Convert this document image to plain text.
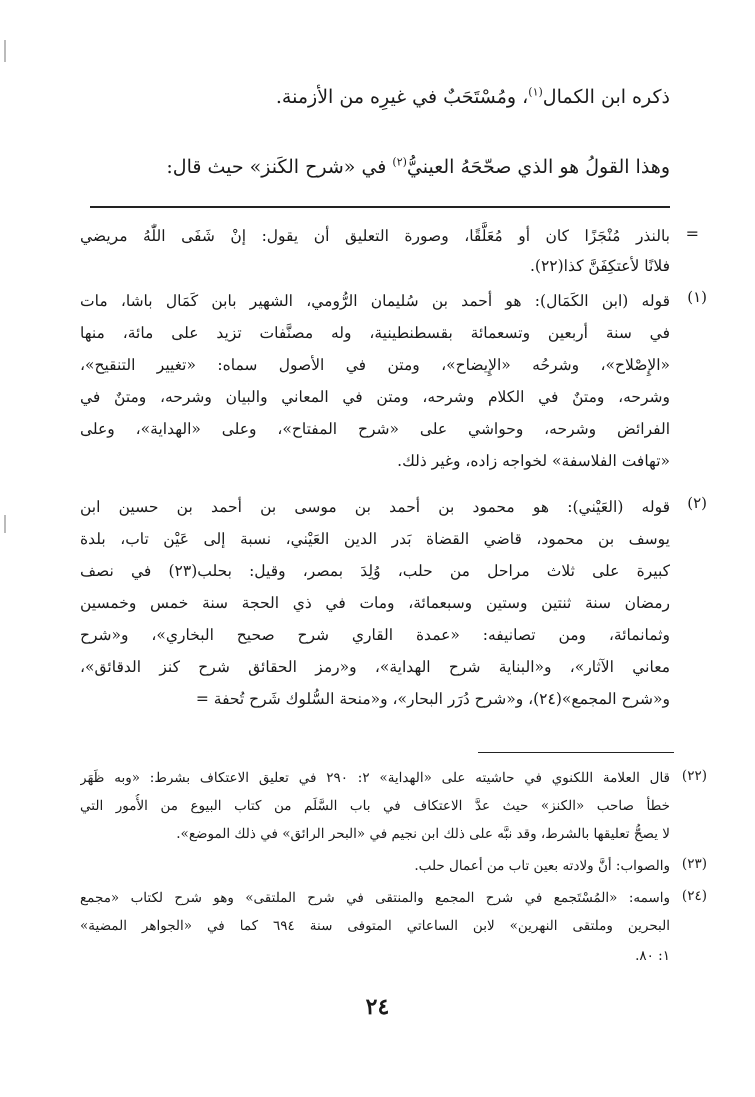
ذكره ابن الكمال$^{(١)}$، ومُسْتَحَبٌ في غيرِه من الأزمنة.
وهذا القولُ هو الذي صحّحَهُ العينيُّ$^{(٢)}$ في «شرح الكَنز» حيث قال:
=
بالنذر مُنْجَزًا كان أو مُعَلَّقًا، وصورة التعليق أن يقول: إنْ شَفَى اللّٰهُ مريضي
فلانًا لأعتكِفَنَّ كذا(٢٢).
(١)
قوله (ابن الكَمَال): هو أحمد بن سُليمان الرُّومي، الشهير بابن كَمَال باشا، مات
في سنة أربعين وتسعمائة بقسطنطينية، وله مصنَّفات تزيد على مائة، منها
«الإِصْلاح»، وشرحُه «الإِيضاح»، ومتن في الأصول سماه: «تغيير التنقيح»،
وشرحه، ومتنٌ في الكلام وشرحه، ومتن في المعاني والبيان وشرحه، ومتنٌ في
الفرائض وشرحه، وحواشي على «شرح المفتاح»، وعلى «الهداية»، وعلى
«تهافت الفلاسفة» لخواجه زاده، وغير ذلك.
(٢)
قوله (العَيْني): هو محمود بن أحمد بن موسى بن أحمد بن حسين ابن
يوسف بن محمود، قاضي القضاة بَدر الدين العَيْني، نسبة إلى عَيْن تاب، بلدة
كبيرة على ثلاث مراحل من حلب، وُلِدَ بمصر، وقيل: بحلب(٢٣) في نصف
رمضان سنة ثنتين وستين وسبعمائة، ومات في ذي الحجة سنة خمس وخمسين
وثمانمائة، ومن تصانيفه: «عمدة القاري شرح صحيح البخاري»، و«شرح
معاني الآثار»، و«البناية شرح الهداية»، و«رمز الحقائق شرح كنز الدقائق»،
و«شرح المجمع»(٢٤)، و«شرح دُرَر البحار»، و«منحة السُّلوك شَرح تُحفة =
(٢٢)
قال العلامة اللكنوي في حاشيته على «الهداية» ٢: ٢٩٠ في تعليق الاعتكاف بشرط: «وبه ظَهَر
خطأ صاحب «الكنز» حيث عدَّ الاعتكاف في باب السَّلَم من كتاب البيوع من الأُمور التي
لا يصحُّ تعليقها بالشرط، وقد نبَّه على ذلك ابن نجيم في «البحر الرائق» في ذلك الموضع».
(٢٣)
والصواب: أنَّ ولادته بعين تاب من أعمال حلب.
(٢٤)
واسمه: «المُسْتَجمع في شرح المجمع والمنتقى في شرح الملتقى» وهو شرح لكتاب «مجمع
البحرين وملتقى النهرين» لابن الساعاتي المتوفى سنة ٦٩٤ كما في «الجواهر المضية»
١: ٨٠.
٢٤
